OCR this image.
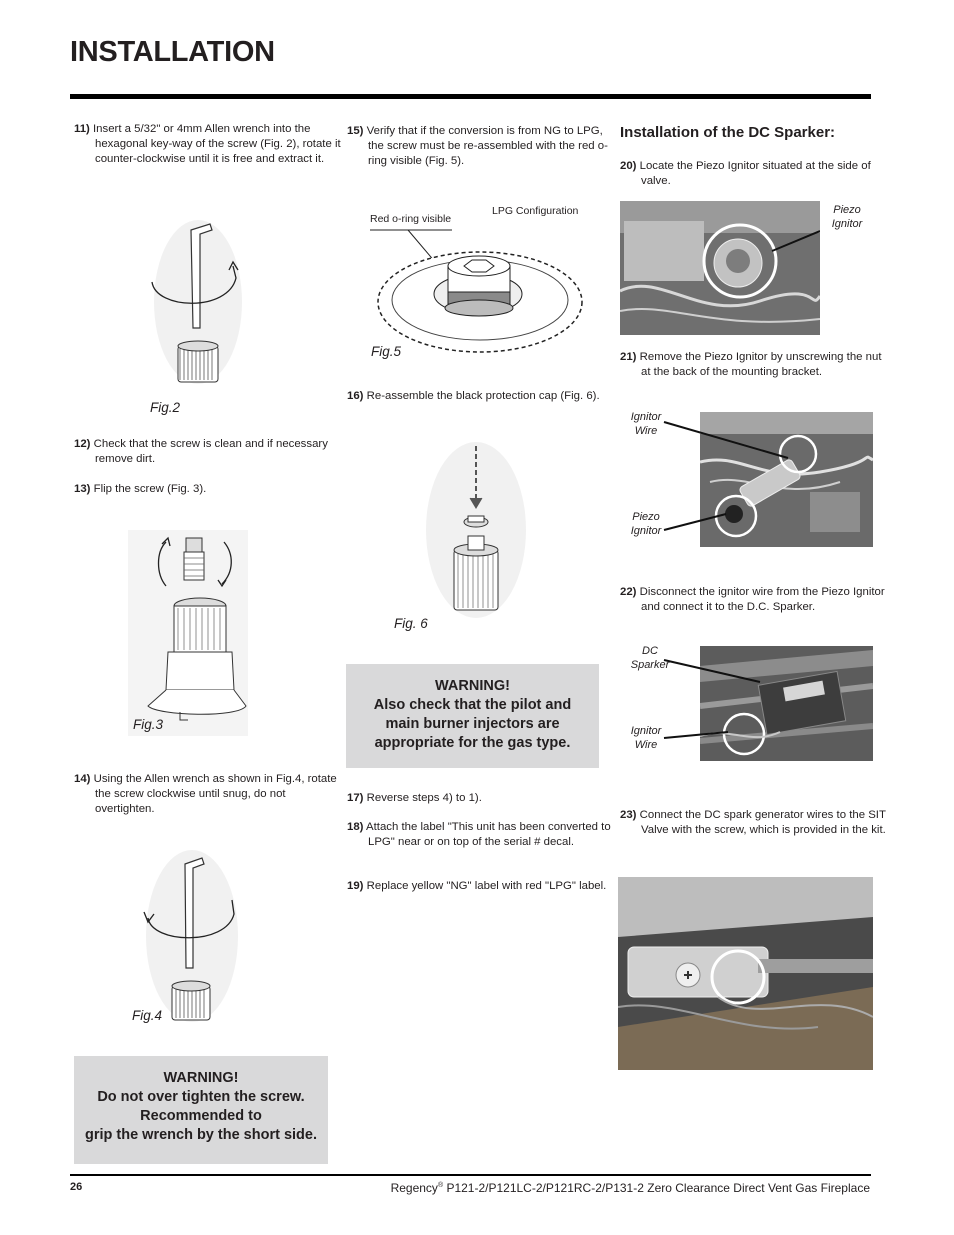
INSTALLATION
11) Insert a 5/32" or 4mm Allen wrench into the hexagonal key-way of the screw (Fig. 2), rotate it counter-clockwise until it is free and extract it.
Fig.2
12) Check that the screw is clean and if necessary remove dirt.
13) Flip the screw (Fig. 3).
Fig.3
14) Using the Allen wrench as shown in Fig.4, rotate the screw clockwise until snug, do not overtighten.
Fig.4
WARNING!
Do not over tighten the screw.
Recommended to
grip the wrench by the short side.
15) Verify that if the conversion is from NG to LPG, the screw must be re-assembled with the red o-ring visible (Fig. 5).
Red o-ring visible
LPG Configuration
Fig.5
16) Re-assemble the black protection cap (Fig. 6).
Fig. 6
WARNING!
Also check that the pilot and
main burner injectors are
appropriate for the gas type.
17) Reverse steps 4) to 1).
18) Attach the label "This unit has been converted to LPG" near or on top of the serial # decal.
19) Replace yellow "NG" label with red "LPG" label.
Installation of the DC Sparker:
20) Locate the Piezo Ignitor situated at the side of valve.
Piezo Ignitor
21) Remove the Piezo Ignitor by unscrewing the nut at the back of the mounting bracket.
Ignitor Wire
Piezo Ignitor
22) Disconnect the ignitor wire from the Piezo Ignitor and connect it to the D.C. Sparker.
DC Sparker
Ignitor Wire
23) Connect the DC spark generator wires to the SIT Valve with the screw, which is provided in the kit.
26	Regency® P121-2/P121LC-2/P121RC-2/P131-2 Zero Clearance Direct Vent Gas Fireplace
